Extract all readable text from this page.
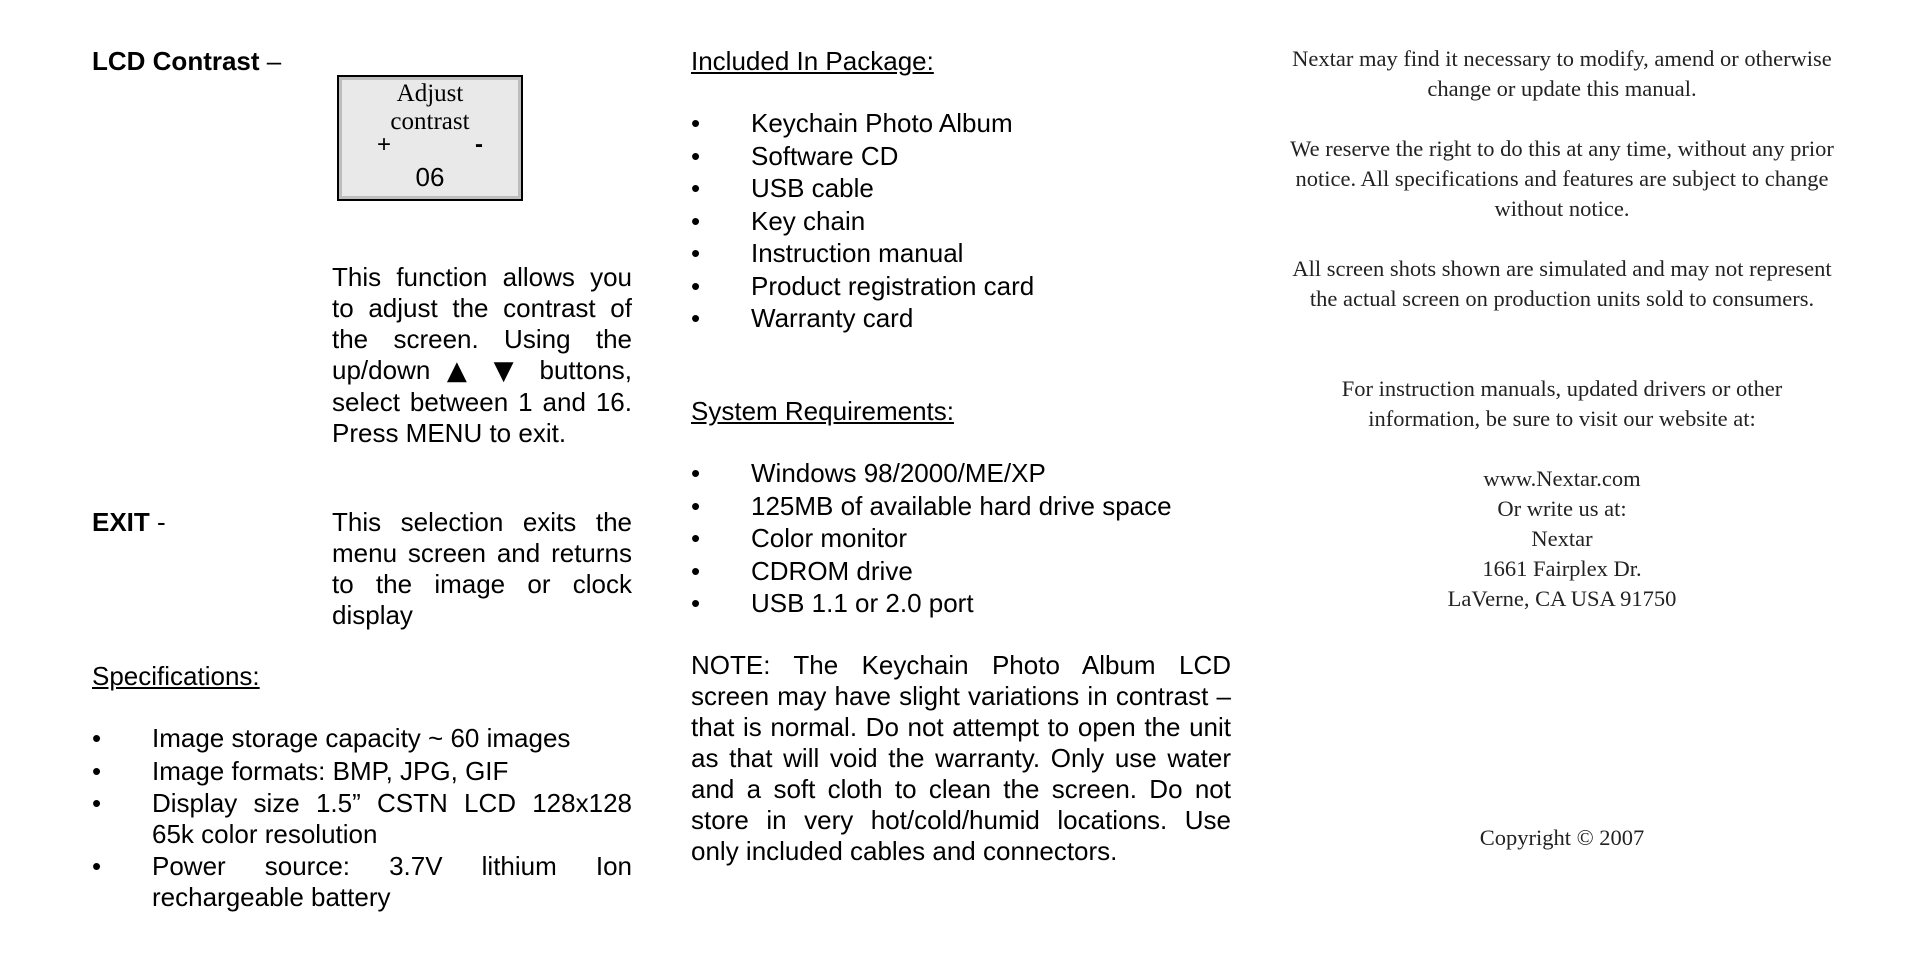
LCD Contrast –
Adjust
contrast
+	-
06
This function allows you to adjust the contrast of the screen. Using the up/down ▲ ▼ buttons, select between 1 and 16. Press MENU to exit.
EXIT -	This selection exits the menu screen and returns to the image or clock display
Specifications:
• Image storage capacity ~ 60 images
• Image formats: BMP, JPG, GIF
• Display size 1.5” CSTN LCD 128x128 65k color resolution
• Power source: 3.7V lithium Ion rechargeable battery
Included In Package:
• Keychain Photo Album
• Software CD
• USB cable
• Key chain
• Instruction manual
• Product registration card
• Warranty card
System Requirements:
• Windows 98/2000/ME/XP
• 125MB of available hard drive space
• Color monitor
• CDROM drive
• USB 1.1 or 2.0 port
NOTE: The Keychain Photo Album LCD screen may have slight variations in contrast – that is normal. Do not attempt to open the unit as that will void the warranty. Only use water and a soft cloth to clean the screen. Do not store in very hot/cold/humid locations. Use only included cables and connectors.

Nextar may find it necessary to modify, amend or otherwise change or update this manual.

We reserve the right to do this at any time, without any prior notice. All specifications and features are subject to change without notice.

All screen shots shown are simulated and may not represent the actual screen on production units sold to consumers.

For instruction manuals, updated drivers or other information, be sure to visit our website at:

www.Nextar.com

Or write us at:

Nextar

1661 Fairplex Dr.

LaVerne, CA USA 91750

Copyright © 2007
